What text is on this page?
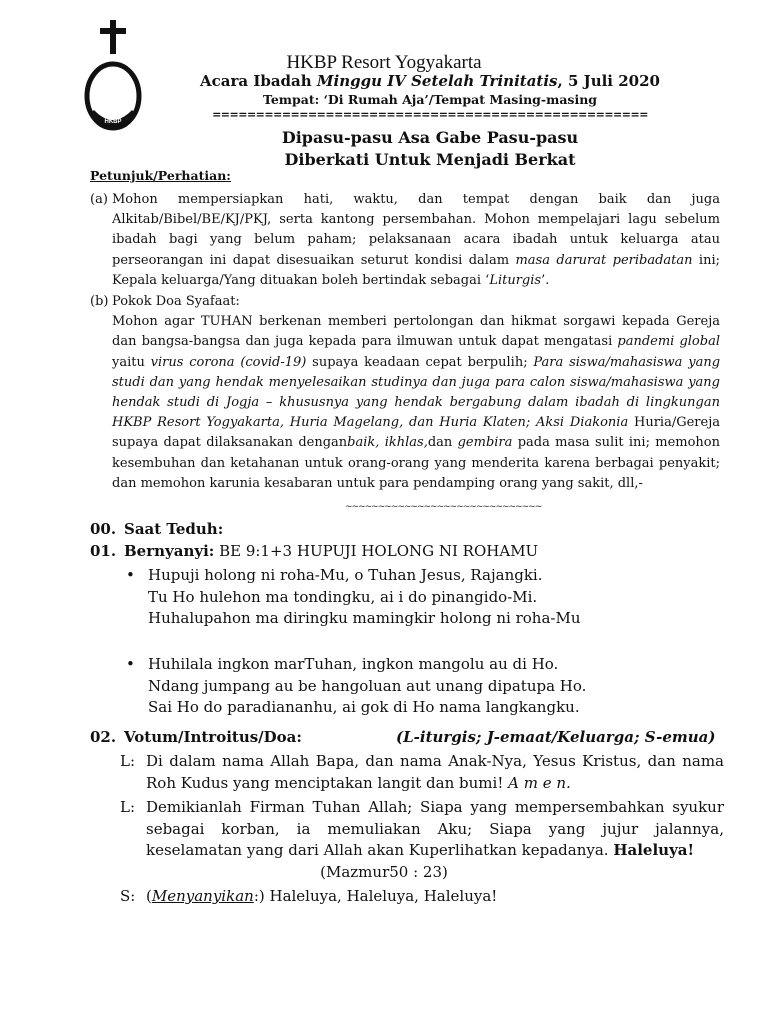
HKBP
HKBP Resort Yogyakarta
Acara Ibadah Minggu IV Setelah Trinitatis, 5 Juli 2020
Tempat: ‘Di Rumah Aja’/Tempat Masing-masing
==================================================
Dipasu-pasu Asa Gabe Pasu-pasu
Diberkati Untuk Menjadi Berkat
Petunjuk/Perhatian:
(a) Mohon mempersiapkan hati, waktu, dan tempat dengan baik dan juga Alkitab/Bibel/BE/KJ/PKJ, serta kantong persembahan. Mohon mempelajari lagu sebelum ibadah bagi yang belum paham; pelaksanaan acara ibadah untuk keluarga atau perseorangan ini dapat disesuaikan seturut kondisi dalam masa darurat peribadatan ini; Kepala keluarga/Yang dituakan boleh bertindak sebagai ‘Liturgis’.
(b) Pokok Doa Syafaat:
Mohon agar TUHAN berkenan memberi pertolongan dan hikmat sorgawi kepada Gereja dan bangsa-bangsa dan juga kepada para ilmuwan untuk dapat mengatasi pandemi global yaitu virus corona (covid-19) supaya keadaan cepat berpulih; Para siswa/mahasiswa yang studi dan yang hendak menyelesaikan studinya dan juga para calon siswa/mahasiswa yang hendak studi di Jogja – khususnya yang hendak bergabung dalam ibadah di lingkungan HKBP Resort Yogyakarta, Huria Magelang, dan Huria Klaten; Aksi Diakonia Huria/Gereja supaya dapat dilaksanakan denganbaik, ikhlas,dan gembira pada masa sulit ini; memohon kesembuhan dan ketahanan untuk orang-orang yang menderita karena berbagai penyakit; dan memohon karunia kesabaran untuk para pendamping orang yang sakit, dll,-
~~~~~~~~~~~~~~~~~~~~~~~~~~~~~~
00. Saat Teduh:
01. Bernyanyi: BE 9:1+3 HUPUJI HOLONG NI ROHAMU
• Hupuji holong ni roha-Mu, o Tuhan Jesus, Rajangki.
Tu Ho hulehon ma tondingku, ai i do pinangido-Mi.
Huhalupahon ma diringku mamingkir holong ni roha-Mu
• Huhilala ingkon marTuhan, ingkon mangolu au di Ho.
Ndang jumpang au be hangoluan aut unang dipatupa Ho.
Sai Ho do paradiananhu, ai gok di Ho nama langkangku.
02. Votum/Introitus/Doa:	(L-iturgis; J-emaat/Keluarga; S-emua)
L: Di dalam nama Allah Bapa, dan nama Anak-Nya, Yesus Kristus, dan nama Roh Kudus yang menciptakan langit dan bumi! A m e n.
L: Demikianlah Firman Tuhan Allah; Siapa yang mempersembahkan syukur sebagai korban, ia memuliakan Aku; Siapa yang jujur jalannya, keselamatan yang dari Allah akan Kuperlihatkan kepadanya. Haleluya!
(Mazmur50 : 23)
S: (Menyanyikan:) Haleluya, Haleluya, Haleluya!
